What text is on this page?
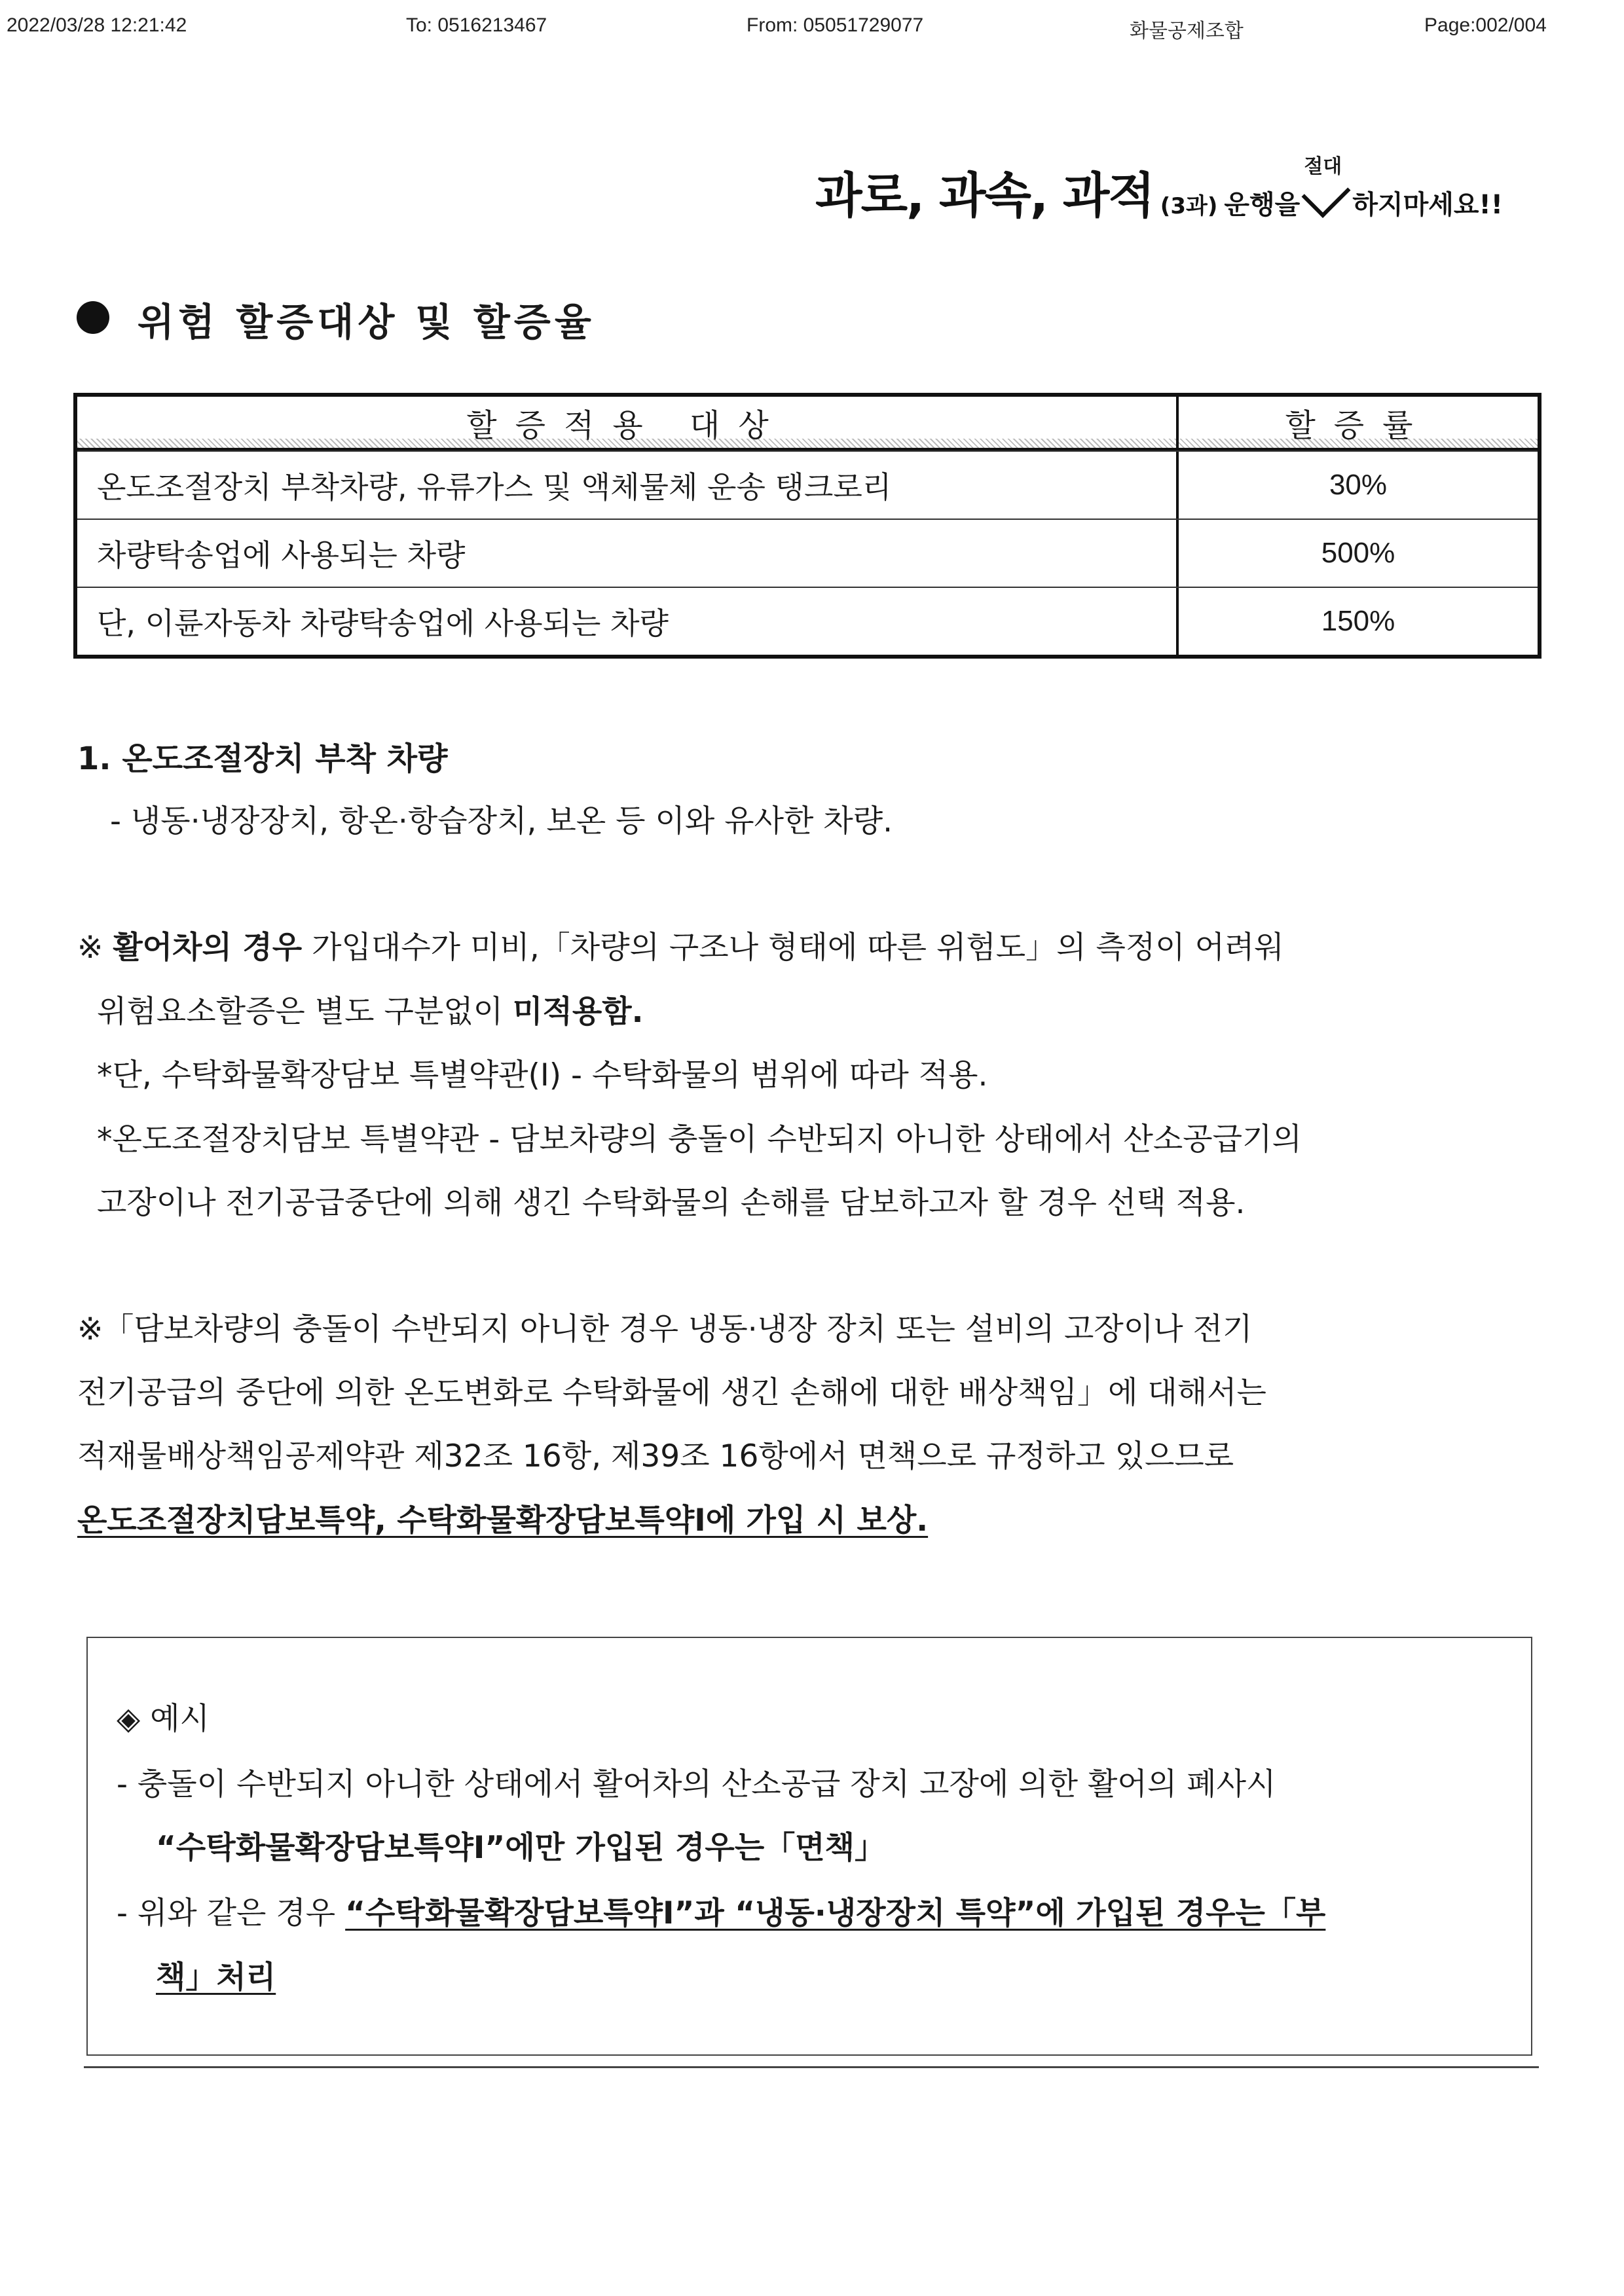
2022/03/28 12:21:42	To: 0516213467	From: 05051729077	화물공제조합	Page:002/004
과로, 과속, 과적 (3과) 운행을
절대
하지마세요!!
위험 할증대상 및 할증율
할증적용 대상	할증률
온도조절장치 부착차량, 유류가스 및 액체물체 운송 탱크로리	30%
차량탁송업에 사용되는 차량	500%
단, 이륜자동차 차량탁송업에 사용되는 차량	150%
1. 온도조절장치 부착 차량
- 냉동·냉장장치, 항온·항습장치, 보온 등 이와 유사한 차량.
※ 활어차의 경우 가입대수가 미비,「차량의 구조나 형태에 따른 위험도」의 측정이 어려워
위험요소할증은 별도 구분없이 미적용함.
*단, 수탁화물확장담보 특별약관(I) - 수탁화물의 범위에 따라 적용.
*온도조절장치담보 특별약관 - 담보차량의 충돌이 수반되지 아니한 상태에서 산소공급기의
고장이나 전기공급중단에 의해 생긴 수탁화물의 손해를 담보하고자 할 경우 선택 적용.
※「담보차량의 충돌이 수반되지 아니한 경우 냉동·냉장 장치 또는 설비의 고장이나 전기
전기공급의 중단에 의한 온도변화로 수탁화물에 생긴 손해에 대한 배상책임」에 대해서는
적재물배상책임공제약관 제32조 16항, 제39조 16항에서 면책으로 규정하고 있으므로
온도조절장치담보특약, 수탁화물확장담보특약Ⅰ에 가입 시 보상.
◈ 예시
- 충돌이 수반되지 아니한 상태에서 활어차의 산소공급 장치 고장에 의한 활어의 폐사시
“수탁화물확장담보특약Ⅰ”에만 가입된 경우는「면책」
- 위와 같은 경우 “수탁화물확장담보특약Ⅰ”과 “냉동·냉장장치 특약”에 가입된 경우는「부
책」처리
